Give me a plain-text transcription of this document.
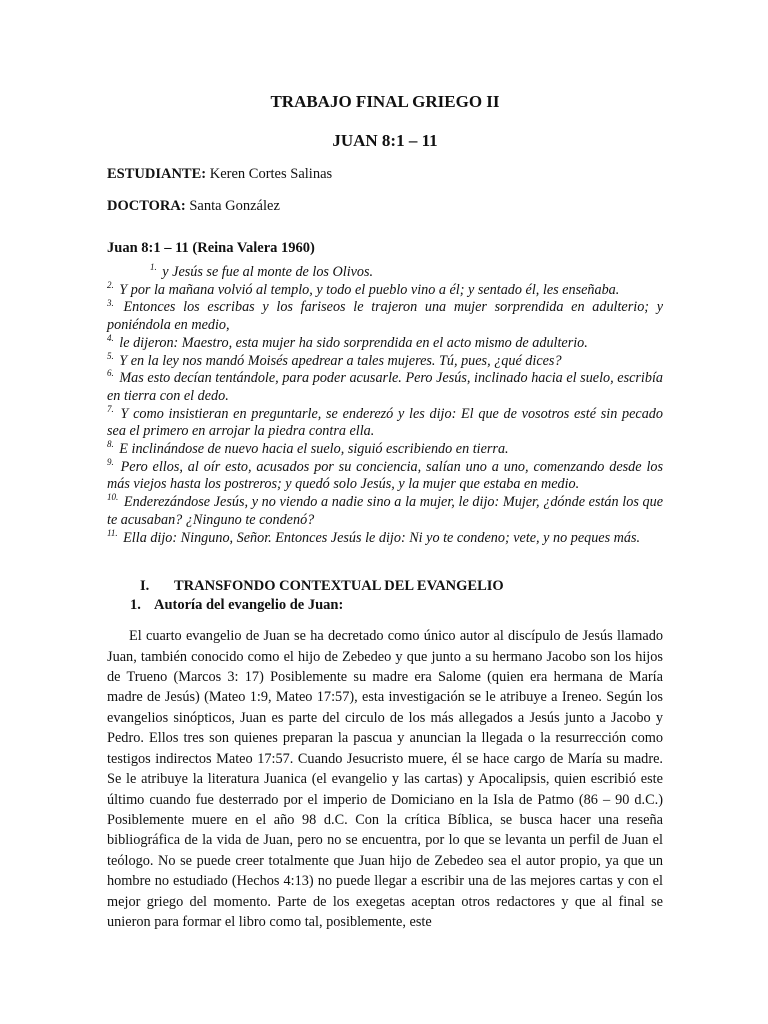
TRABAJO FINAL GRIEGO II

JUAN 8:1 – 11

ESTUDIANTE: Keren Cortes Salinas

DOCTORA: Santa González

Juan 8:1 – 11 (Reina Valera 1960)

$^{1.}$ y Jesús se fue al monte de los Olivos.

$^{2.}$ Y por la mañana volvió al templo, y todo el pueblo vino a él; y sentado él, les enseñaba.

$^{3.}$ Entonces los escribas y los fariseos le trajeron una mujer sorprendida en adulterio; y poniéndola en medio,

$^{4.}$ le dijeron: Maestro, esta mujer ha sido sorprendida en el acto mismo de adulterio.

$^{5.}$ Y en la ley nos mandó Moisés apedrear a tales mujeres. Tú, pues, ¿qué dices?

$^{6.}$ Mas esto decían tentándole, para poder acusarle. Pero Jesús, inclinado hacia el suelo, escribía en tierra con el dedo.

$^{7.}$ Y como insistieran en preguntarle, se enderezó y les dijo: El que de vosotros esté sin pecado sea el primero en arrojar la piedra contra ella.

$^{8.}$ E inclinándose de nuevo hacia el suelo, siguió escribiendo en tierra.

$^{9.}$ Pero ellos, al oír esto, acusados por su conciencia, salían uno a uno, comenzando desde los más viejos hasta los postreros; y quedó solo Jesús, y la mujer que estaba en medio.

$^{10.}$ Enderezándose Jesús, y no viendo a nadie sino a la mujer, le dijo: Mujer, ¿dónde están los que te acusaban? ¿Ninguno te condenó?

$^{11.}$ Ella dijo: Ninguno, Señor. Entonces Jesús le dijo: Ni yo te condeno; vete, y no peques más.

I.	TRANSFONDO CONTEXTUAL DEL EVANGELIO
1. Autoría del evangelio de Juan:

El cuarto evangelio de Juan se ha decretado como único autor al discípulo de Jesús llamado Juan, también conocido como el hijo de Zebedeo y que junto a su hermano Jacobo son los hijos de Trueno (Marcos 3: 17) Posiblemente su madre era Salome (quien era hermana de María madre de Jesús) (Mateo 1:9, Mateo 17:57), esta investigación se le atribuye a Ireneo. Según los evangelios sinópticos, Juan es parte del circulo de los más allegados a Jesús junto a Jacobo y Pedro. Ellos tres son quienes preparan la pascua y anuncian la llegada o la resurrección como testigos indirectos Mateo 17:57. Cuando Jesucristo muere, él se hace cargo de María su madre. Se le atribuye la literatura Juanica (el evangelio y las cartas) y Apocalipsis, quien escribió este último cuando fue desterrado por el imperio de Domiciano en la Isla de Patmo (86 – 90 d.C.) Posiblemente muere en el año 98 d.C. Con la crítica Bíblica, se busca hacer una reseña bibliográfica de la vida de Juan, pero no se encuentra, por lo que se levanta un perfil de Juan el teólogo. No se puede creer totalmente que Juan hijo de Zebedeo sea el autor propio, ya que un hombre no estudiado (Hechos 4:13) no puede llegar a escribir una de las mejores cartas y con el mejor griego del momento. Parte de los exegetas aceptan otros redactores y que al final se unieron para formar el libro como tal, posiblemente, este
